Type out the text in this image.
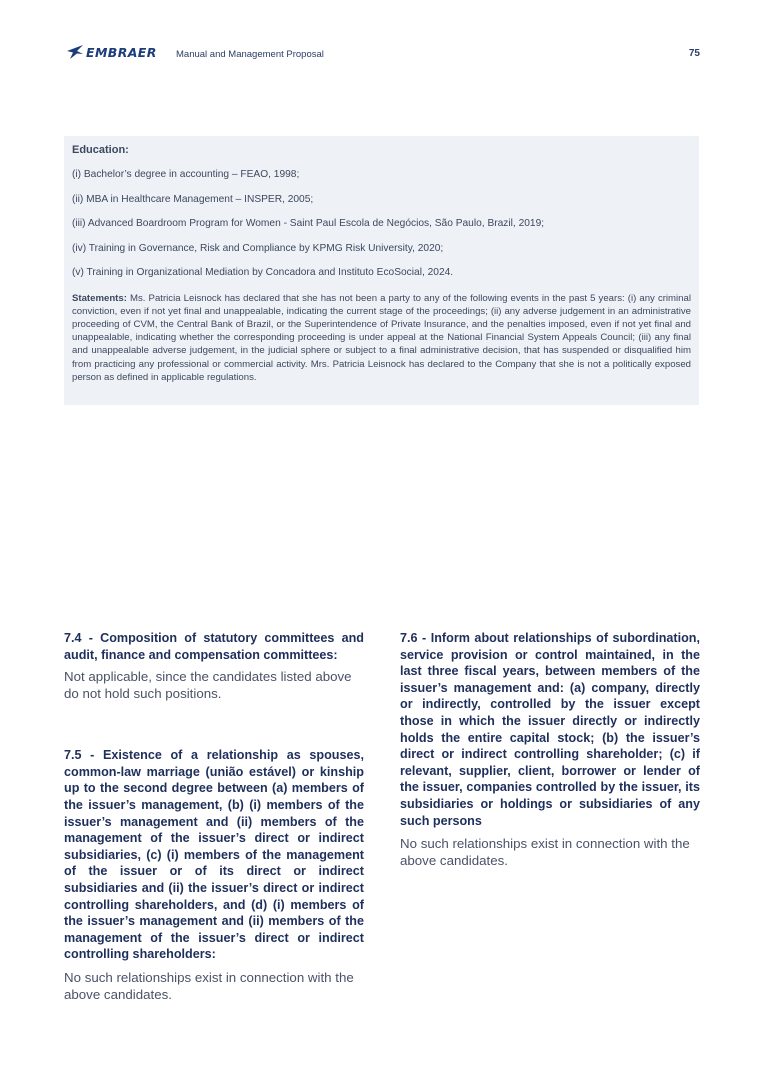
EMBRAER Manual and Management Proposal	75

Education:

(i) Bachelor’s degree in accounting – FEAO, 1998;

(ii) MBA in Healthcare Management – INSPER, 2005;

(iii) Advanced Boardroom Program for Women - Saint Paul Escola de Negócios, São Paulo, Brazil, 2019;

(iv) Training in Governance, Risk and Compliance by KPMG Risk University, 2020;

(v) Training in Organizational Mediation by Concadora and Instituto EcoSocial, 2024.

Statements: Ms. Patricia Leisnock has declared that she has not been a party to any of the following events in the past 5 years: (i) any criminal conviction, even if not yet final and unappealable, indicating the current stage of the proceedings; (ii) any adverse judgement in an administrative proceeding of CVM, the Central Bank of Brazil, or the Superintendence of Private Insurance, and the penalties imposed, even if not yet final and unappealable, indicating whether the corresponding proceeding is under appeal at the National Financial System Appeals Council; (iii) any final and unappealable adverse judgement, in the judicial sphere or subject to a final administrative decision, that has suspended or disqualified him from practicing any professional or commercial activity. Mrs. Patricia Leisnock has declared to the Company that she is not a politically exposed person as defined in applicable regulations.

7.4 - Composition of statutory committees and audit, finance and compensation committees:

Not applicable, since the candidates listed above do not hold such positions.

7.5 - Existence of a relationship as spouses, common-law marriage (união estável) or kinship up to the second degree between (a) members of the issuer’s management, (b) (i) members of the issuer’s management and (ii) members of the management of the issuer’s direct or indirect subsidiaries, (c) (i) members of the management of the issuer or of its direct or indirect subsidiaries and (ii) the issuer’s direct or indirect controlling shareholders, and (d) (i) members of the issuer’s management and (ii) members of the management of the issuer’s direct or indirect controlling shareholders:

No such relationships exist in connection with the above candidates.

7.6 - Inform about relationships of subordination, service provision or control maintained, in the last three fiscal years, between members of the issuer’s management and: (a) company, directly or indirectly, controlled by the issuer except those in which the issuer directly or indirectly holds the entire capital stock; (b) the issuer’s direct or indirect controlling shareholder; (c) if relevant, supplier, client, borrower or lender of the issuer, companies controlled by the issuer, its subsidiaries or holdings or subsidiaries of any such persons

No such relationships exist in connection with the above candidates.
